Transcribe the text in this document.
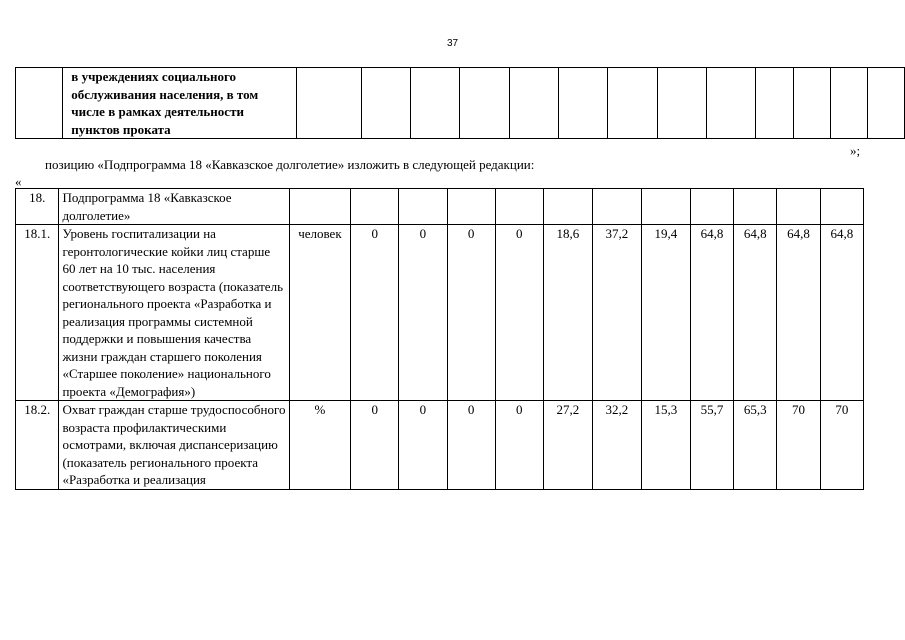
37
	в учреждениях социального обслуживания населения, в том числе в рамках деятельности пунктов проката													
»;
позицию «Подпрограмма 18 «Кавказское долголетие» изложить в следующей редакции:
«
18.	Подпрограмма 18 «Кавказское долголетие»												
18.1.	Уровень госпитализации на геронтологические койки лиц старше 60 лет на 10 тыс. населения соответствующего возраста (показатель регионального проекта «Разработка и реализация программы системной поддержки и повышения качества жизни граждан старшего поколения «Старшее поколение» национального проекта «Демография»)	человек	0	0	0	0	18,6	37,2	19,4	64,8	64,8	64,8	64,8
18.2.	Охват граждан старше трудоспособного возраста профилактическими осмотрами, включая диспансеризацию (показатель регионального проекта «Разработка и реализация	%	0	0	0	0	27,2	32,2	15,3	55,7	65,3	70	70
